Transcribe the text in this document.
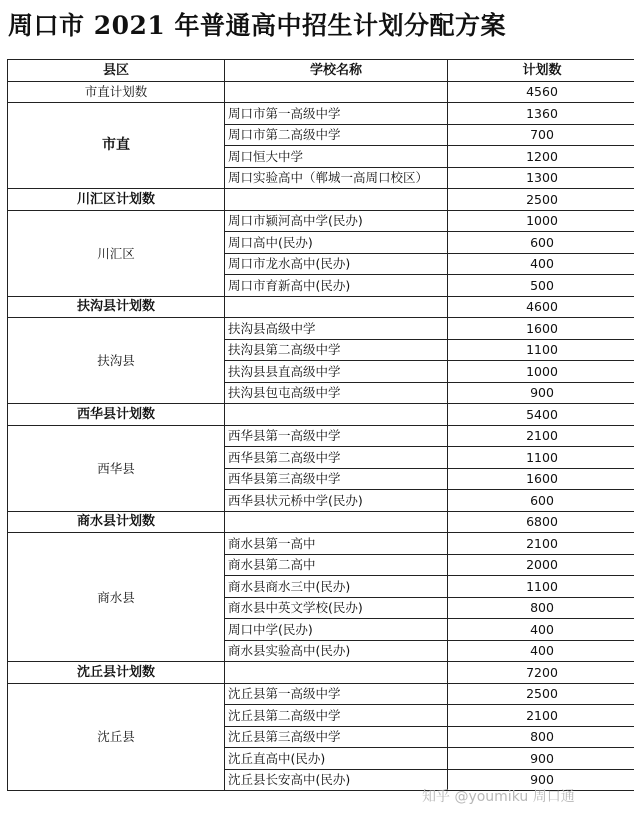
周口市 2021 年普通高中招生计划分配方案
县区	学校名称	计划数
市直计划数		4560
市直	周口市第一高级中学	1360
	周口市第二高级中学	700
	周口恒大中学	1200
	周口实验高中（郸城一高周口校区）	1300
川汇区计划数		2500
川汇区	周口市颍河高中学(民办)	1000
	周口高中(民办)	600
	周口市龙水高中(民办)	400
	周口市育新高中(民办)	500
扶沟县计划数		4600
扶沟县	扶沟县高级中学	1600
	扶沟县第二高级中学	1100
	扶沟县县直高级中学	1000
	扶沟县包屯高级中学	900
西华县计划数		5400
西华县	西华县第一高级中学	2100
	西华县第二高级中学	1100
	西华县第三高级中学	1600
	西华县状元桥中学(民办)	600
商水县计划数		6800
商水县	商水县第一高中	2100
	商水县第二高中	2000
	商水县商水三中(民办)	1100
	商水县中英文学校(民办)	800
	周口中学(民办)	400
	商水县实验高中(民办)	400
沈丘县计划数		7200
沈丘县	沈丘县第一高级中学	2500
	沈丘县第二高级中学	2100
	沈丘县第三高级中学	800
	沈丘直高中(民办)	900
	沈丘县长安高中(民办)	900
知乎 @youmiku 周口通
